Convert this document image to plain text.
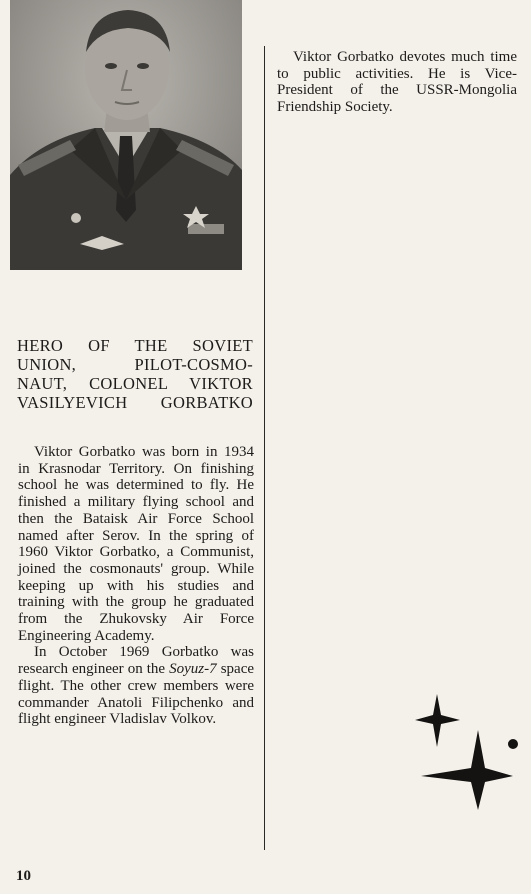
HERO OF THE SOVIET
UNION, PILOT-COSMO-
NAUT, COLONEL VIKTOR
VASILYEVICH GORBATKO

Viktor Gorbatko was born in 1934 in Krasnodar Territory. On finishing school he was determined to fly. He finished a military flying school and then the Bataisk Air Force School named after Serov. In the spring of 1960 Viktor Gorbatko, a Communist, joined the cosmonauts' group. While keeping up with his studies and training with the group he graduated from the Zhukovsky Air Force Engineering Academy.

In October 1969 Gorbatko was research engineer on the Soyuz-7 space flight. The other crew members were commander Anatoli Filipchenko and flight engineer Vladislav Volkov.

Viktor Gorbatko devotes much time to public activities. He is Vice-President of the USSR-Mongolia Friendship Society.

10
